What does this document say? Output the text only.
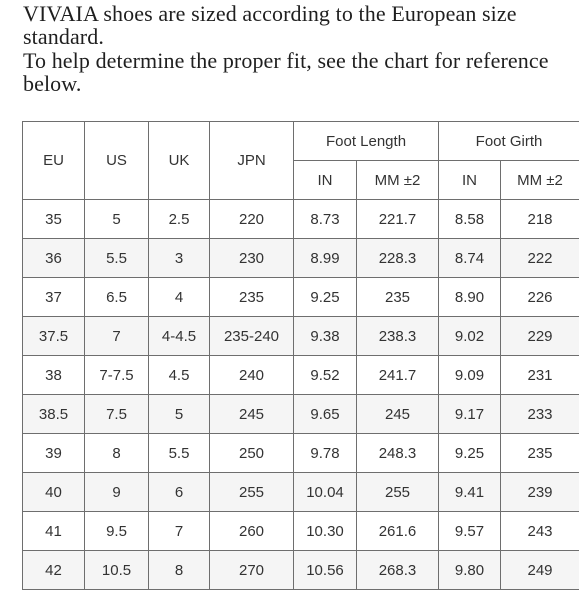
VIVAIA shoes are sized according to the European size standard.

To help determine the proper fit, see the chart for reference below.

EU	US	UK	JPN	Foot Length		Foot Girth	
				IN	MM ±2	IN	MM ±2
35	5	2.5	220	8.73	221.7	8.58	218
36	5.5	3	230	8.99	228.3	8.74	222
37	6.5	4	235	9.25	235	8.90	226
37.5	7	4-4.5	235-240	9.38	238.3	9.02	229
38	7-7.5	4.5	240	9.52	241.7	9.09	231
38.5	7.5	5	245	9.65	245	9.17	233
39	8	5.5	250	9.78	248.3	9.25	235
40	9	6	255	10.04	255	9.41	239
41	9.5	7	260	10.30	261.6	9.57	243
42	10.5	8	270	10.56	268.3	9.80	249
